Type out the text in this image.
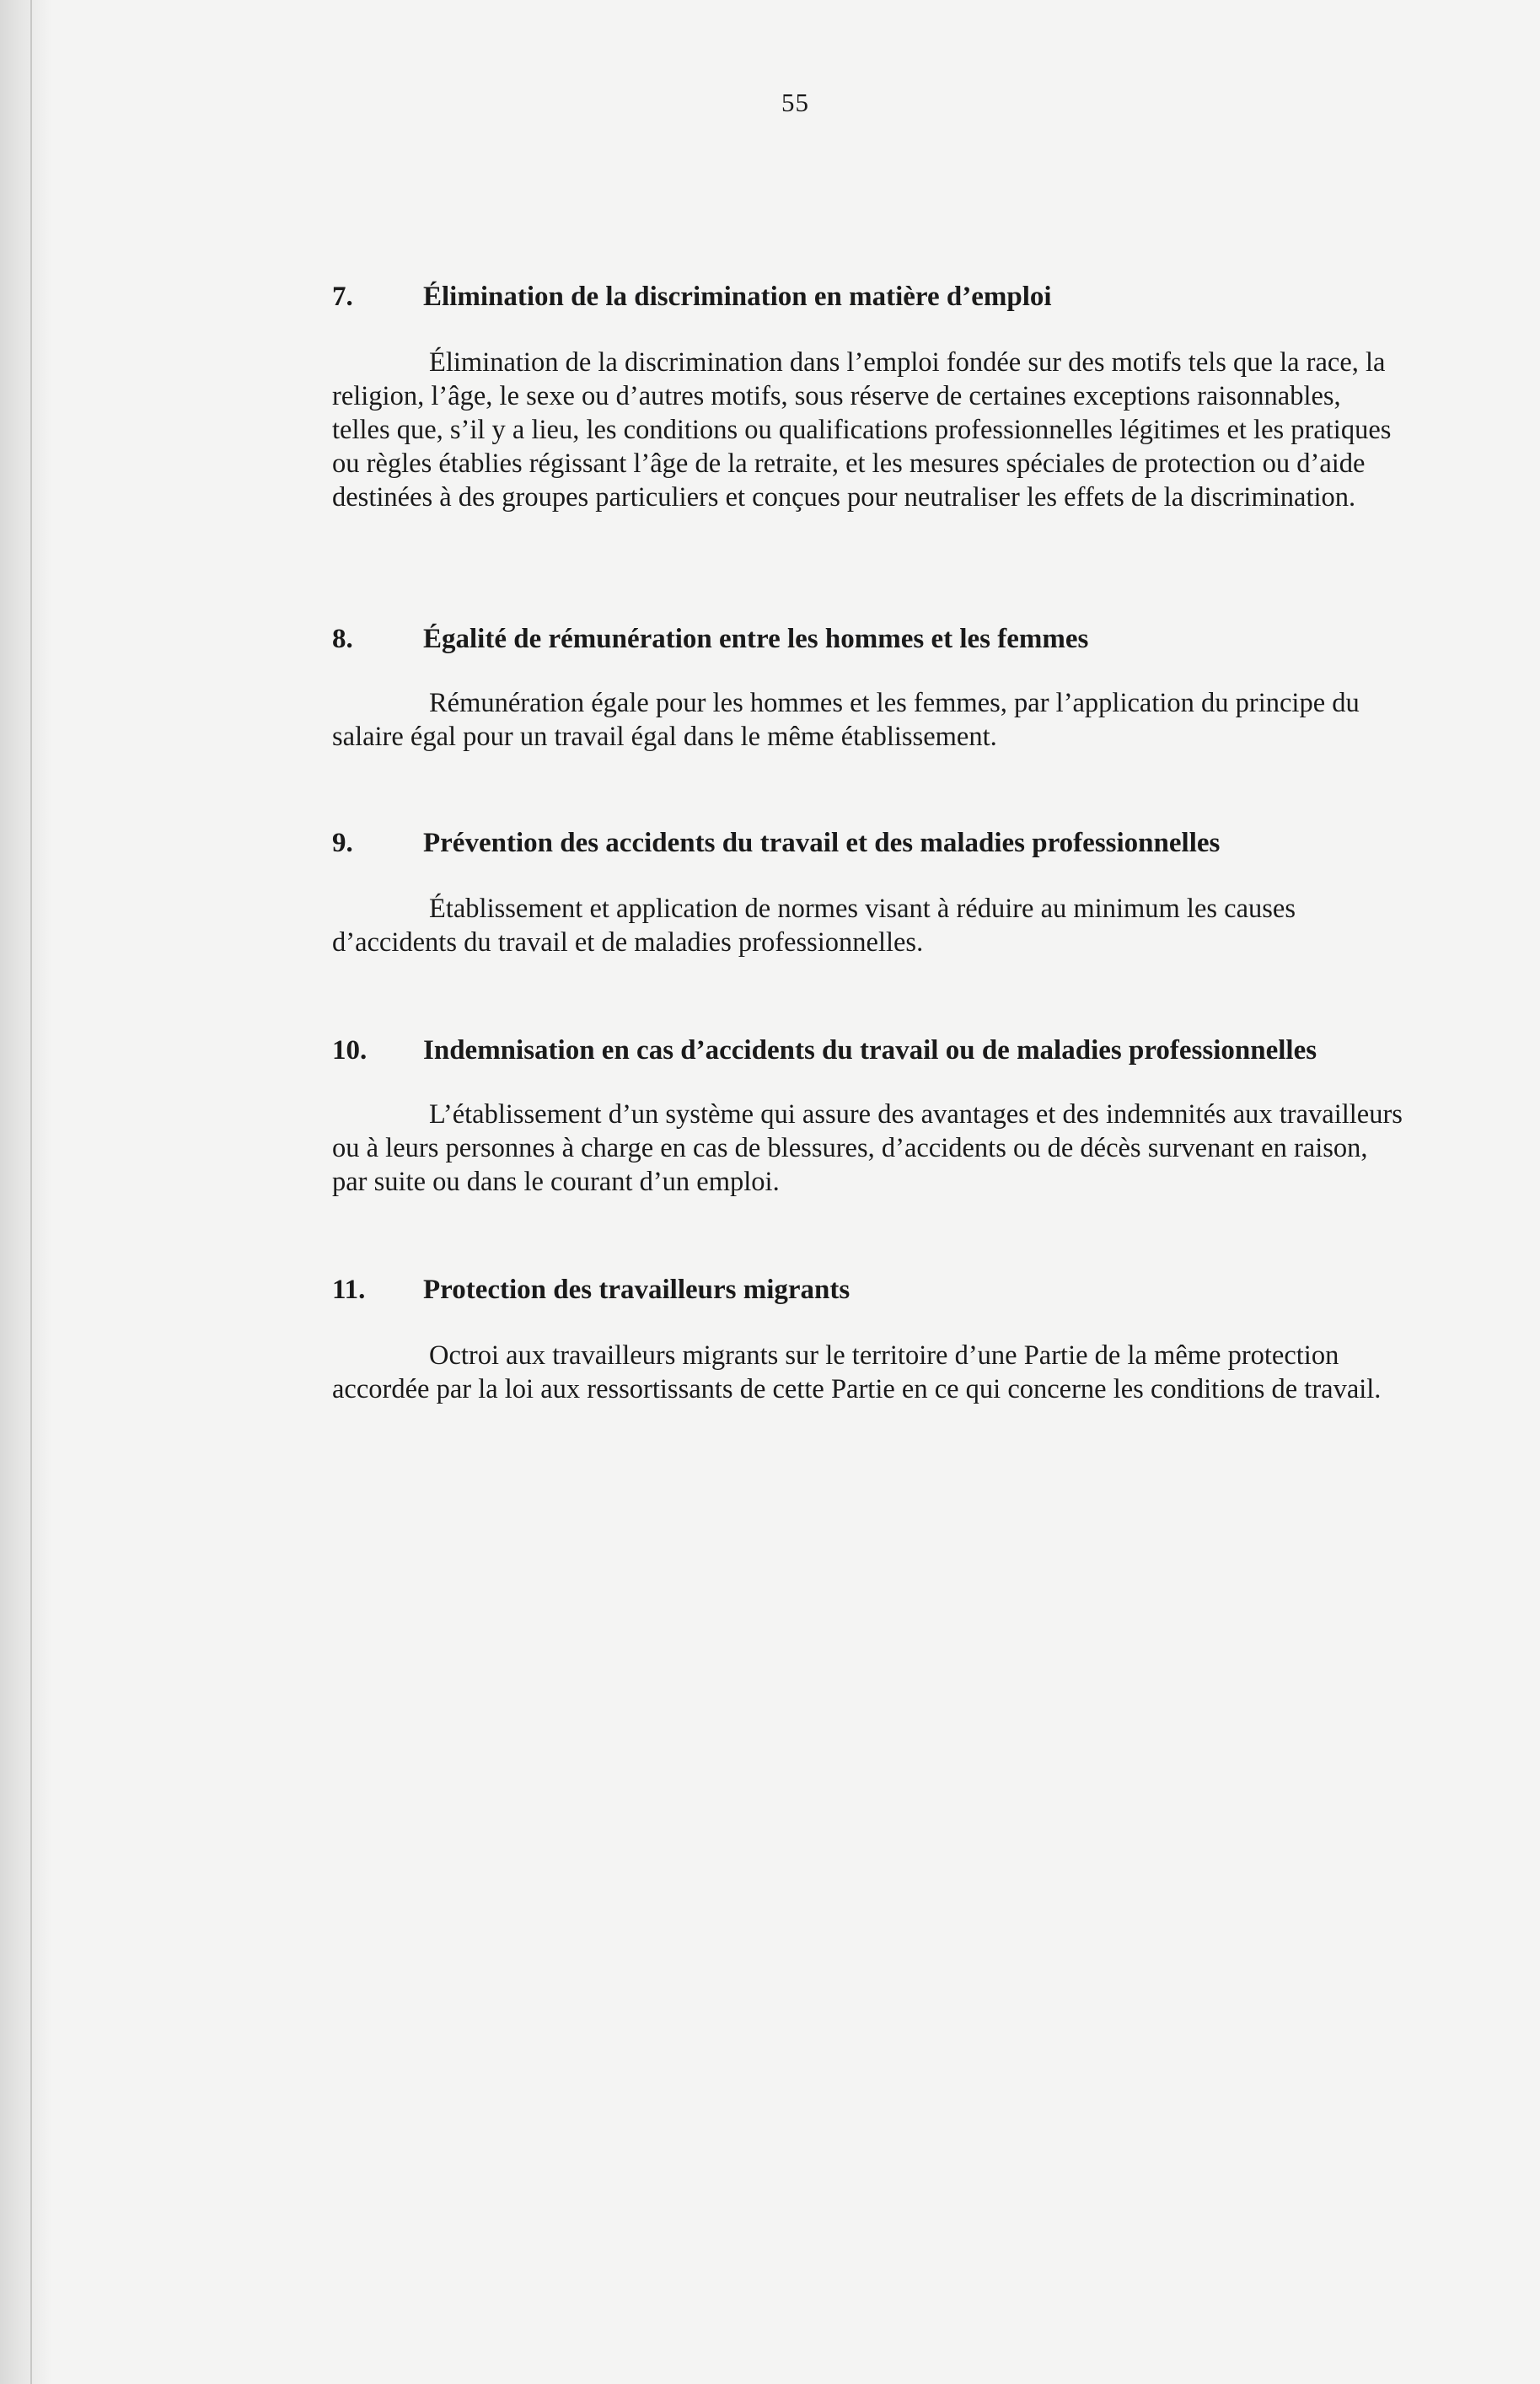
55
7.	Élimination de la discrimination en matière d’emploi

Élimination de la discrimination dans l’emploi fondée sur des motifs tels que la race, la religion, l’âge, le sexe ou d’autres motifs, sous réserve de certaines exceptions raisonnables, telles que, s’il y a lieu, les conditions ou qualifications professionnelles légitimes et les pratiques ou règles établies régissant l’âge de la retraite, et les mesures spéciales de protection ou d’aide destinées à des groupes particuliers et conçues pour neutraliser les effets de la discrimination.

8.	Égalité de rémunération entre les hommes et les femmes

Rémunération égale pour les hommes et les femmes, par l’application du principe du salaire égal pour un travail égal dans le même établissement.

9.	Prévention des accidents du travail et des maladies professionnelles

Établissement et application de normes visant à réduire au minimum les causes d’accidents du travail et de maladies professionnelles.

10.	Indemnisation en cas d’accidents du travail ou de maladies professionnelles

L’établissement d’un système qui assure des avantages et des indemnités aux travailleurs ou à leurs personnes à charge en cas de blessures, d’accidents ou de décès survenant en raison, par suite ou dans le courant d’un emploi.

11.	Protection des travailleurs migrants

Octroi aux travailleurs migrants sur le territoire d’une Partie de la même protection accordée par la loi aux ressortissants de cette Partie en ce qui concerne les conditions de travail.
